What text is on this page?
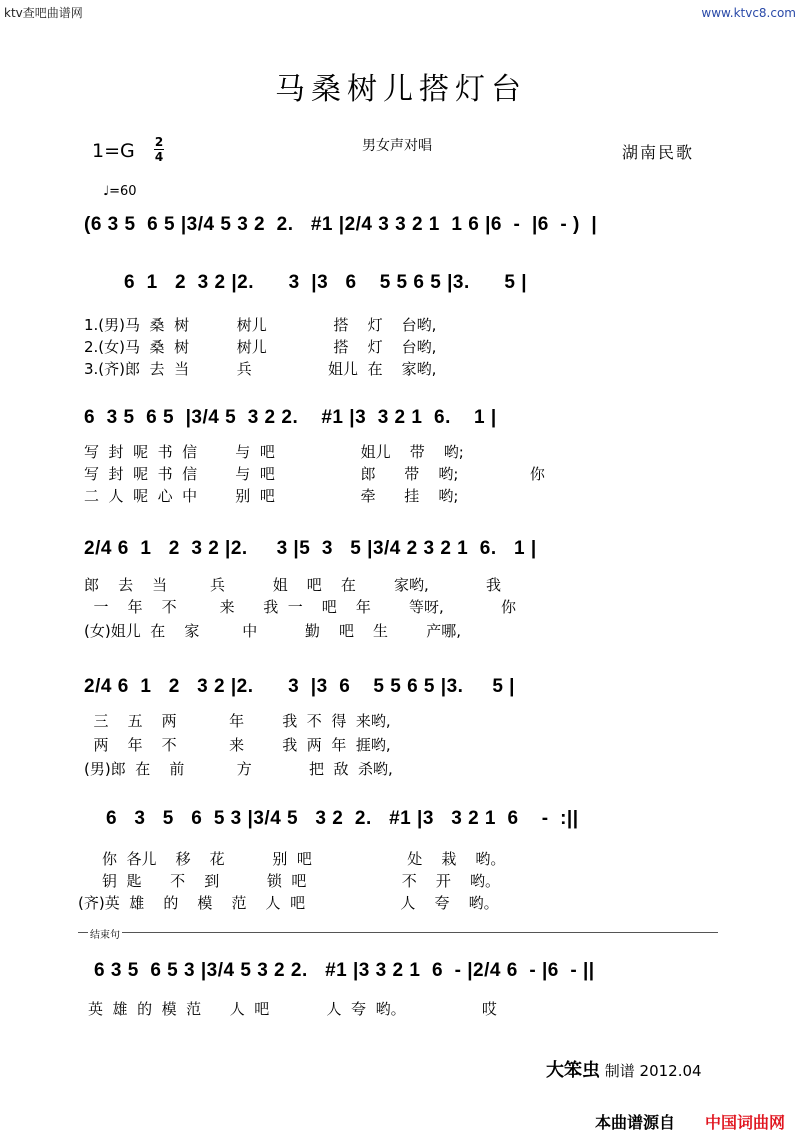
ktv查吧曲谱网	www.ktvc8.com
马桑树儿搭灯台
1=G 2
4
男女声对唱	湖南民歌
♩=60
(6 3 5  6 5 |3/4 5 3 2  2.   #1 |2/4 3 3 2 1  1 6 |6  -  |6  - )  |
6  1   2  3 2 |2.      3  |3   6    5 5 6 5 |3.      5 |
1.(男)马  桑  树          树儿              搭    灯    台哟,
2.(女)马  桑  树          树儿              搭    灯    台哟,
3.(齐)郎  去  当          兵                姐儿  在    家哟,
6  3 5  6 5  |3/4 5  3 2 2.    #1 |3  3 2 1  6.    1 |
写  封  呢  书  信        与  吧                  姐儿    带    哟;
写  封  呢  书  信        与  吧                  郎      带    哟;               你
二  人  呢  心  中        别  吧                  牵      挂    哟;
2/4 6  1   2  3 2 |2.     3 |5  3   5 |3/4 2 3 2 1  6.   1 |
郎    去    当         兵          姐    吧    在        家哟,            我
一    年    不         来      我  一    吧    年        等呀,            你
(女)姐儿  在    家         中          勤    吧    生        产哪,
2/4 6  1   2   3 2 |2.      3  |3  6    5 5 6 5 |3.     5 |
三    五    两           年        我  不  得  来哟,
两    年    不           来        我  两  年  捱哟,
(男)郎  在    前           方            把  敌  杀哟,
6   3   5   6  5 3 |3/4 5   3 2  2.   #1 |3   3 2 1  6    -  :||
你  各儿    移    花          别  吧                    处    栽    哟。
钥  匙      不    到          锁  吧                    不    开    哟。
(齐)英  雄    的    模    范    人  吧                    人    夸    哟。
结束句
6 3 5  6 5 3 |3/4 5 3 2 2.   #1 |3 3 2 1  6  - |2/4 6  - |6  - ||
英  雄  的  模  范      人  吧            人  夸  哟。                哎
大笨虫 制谱 2012.04
本曲谱源自 中国词曲网
